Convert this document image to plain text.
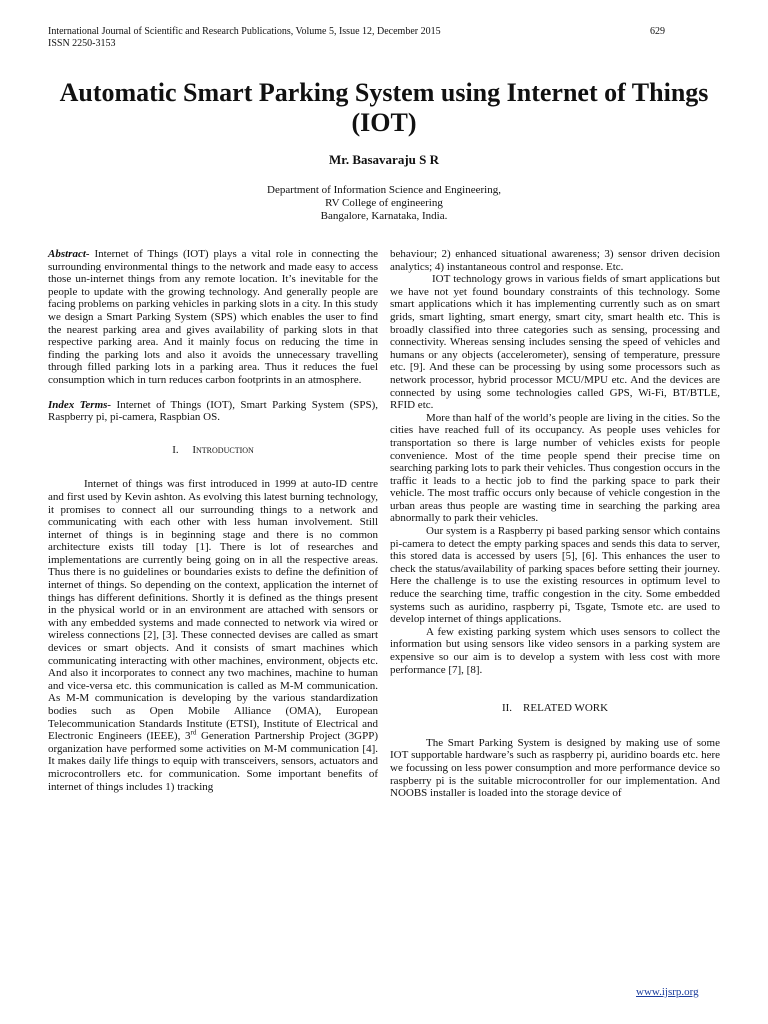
International Journal of Scientific and Research Publications, Volume 5, Issue 12, December 2015
ISSN 2250-3153
629
Automatic Smart Parking System using Internet of Things (IOT)
Mr. Basavaraju S R
Department of Information Science and Engineering,
RV College of engineering
Bangalore, Karnataka, India.

Abstract- Internet of Things (IOT) plays a vital role in connecting the surrounding environmental things to the network and made easy to access those un-internet things from any remote location. It’s inevitable for the people to update with the growing technology. And generally people are facing problems on parking vehicles in parking slots in a city. In this study we design a Smart Parking System (SPS) which enables the user to find the nearest parking area and gives availability of parking slots in that respective parking area. And it mainly focus on reducing the time in finding the parking lots and also it avoids the unnecessary travelling through filled parking lots in a parking area. Thus it reduces the fuel consumption which in turn reduces carbon footprints in an atmosphere.

Index Terms- Internet of Things (IOT), Smart Parking System (SPS), Raspberry pi, pi-camera, Raspbian OS.

I. Introduction

Internet of things was first introduced in 1999 at auto-ID centre and first used by Kevin ashton. As evolving this latest burning technology, it promises to connect all our surrounding things to a network and communicating with each other with less human involvement. Still internet of things is in beginning stage and there is no common architecture exists till today [1]. There is lot of researches and implementations are currently being going on in all the respective areas. Thus there is no guidelines or boundaries exists to define the definition of internet of things. So depending on the context, application the internet of things has different definitions. Shortly it is defined as the things present in the physical world or in an environment are attached with sensors or with any embedded systems and made connected to network via wired or wireless connections [2], [3]. These connected devises are called as smart devices or smart objects. And it consists of smart machines which communicating interacting with other machines, environment, objects etc. And also it incorporates to connect any two machines, machine to human and vice-versa etc. this communication is called as M-M communication. As M-M communication is developing by the various standardization bodies such as Open Mobile Alliance (OMA), European Telecommunication Standards Institute (ETSI), Institute of Electrical and Electronic Engineers (IEEE), 3rd Generation Partnership Project (3GPP) organization have performed some activities on M-M communication [4]. It makes daily life things to equip with transceivers, sensors, actuators and microcontrollers etc. for communication. Some important benefits of internet of things includes 1) tracking

behaviour; 2) enhanced situational awareness; 3) sensor driven decision analytics; 4) instantaneous control and response. Etc.

IOT technology grows in various fields of smart applications but we have not yet found boundary constraints of this technology. Some smart applications which it has implementing currently such as on smart grids, smart lighting, smart energy, smart city, smart health etc. This is broadly classified into three categories such as sensing, processing and connectivity. Whereas sensing includes sensing the speed of vehicles and humans or any objects (accelerometer), sensing of temperature, pressure etc. [9]. And these can be processing by using some processors such as network processor, hybrid processor MCU/MPU etc. And the devices are connected by using some technologies called GPS, Wi-Fi, BT/BTLE, RFID etc.

More than half of the world’s people are living in the cities. So the cities have reached full of its occupancy. As people uses vehicles for transportation so there is large number of vehicles exists for people convenience. Most of the time people spend their precise time on searching parking lots to park their vehicles. Thus congestion occurs in the traffic it leads to a hectic job to find the parking space to park their vehicle. The most traffic occurs only because of vehicle congestion in the urban areas thus people are wasting time in searching the parking area abnormally to park their vehicles.

Our system is a Raspberry pi based parking sensor which contains pi-camera to detect the empty parking spaces and sends this data to server, this stored data is accessed by users [5], [6]. This enhances the user to check the status/availability of parking spaces before setting their journey. Here the challenge is to use the existing resources in optimum level to reduce the searching time, traffic congestion in the city. Some embedded systems such as auridino, raspberry pi, Tsgate, Tsmote etc. are used to develop internet of things applications.

A few existing parking system which uses sensors to collect the information but using sensors like video sensors in a parking system are expensive so our aim is to develop a system with less cost with more performance [7], [8].

II. RELATED WORK

The Smart Parking System is designed by making use of some IOT supportable hardware’s such as raspberry pi, auridino boards etc. here we focussing on less power consumption and more performance device so raspberry pi is the suitable microcontroller for our implementation. And NOOBS installer is loaded into the storage device of

www.ijsrp.org
